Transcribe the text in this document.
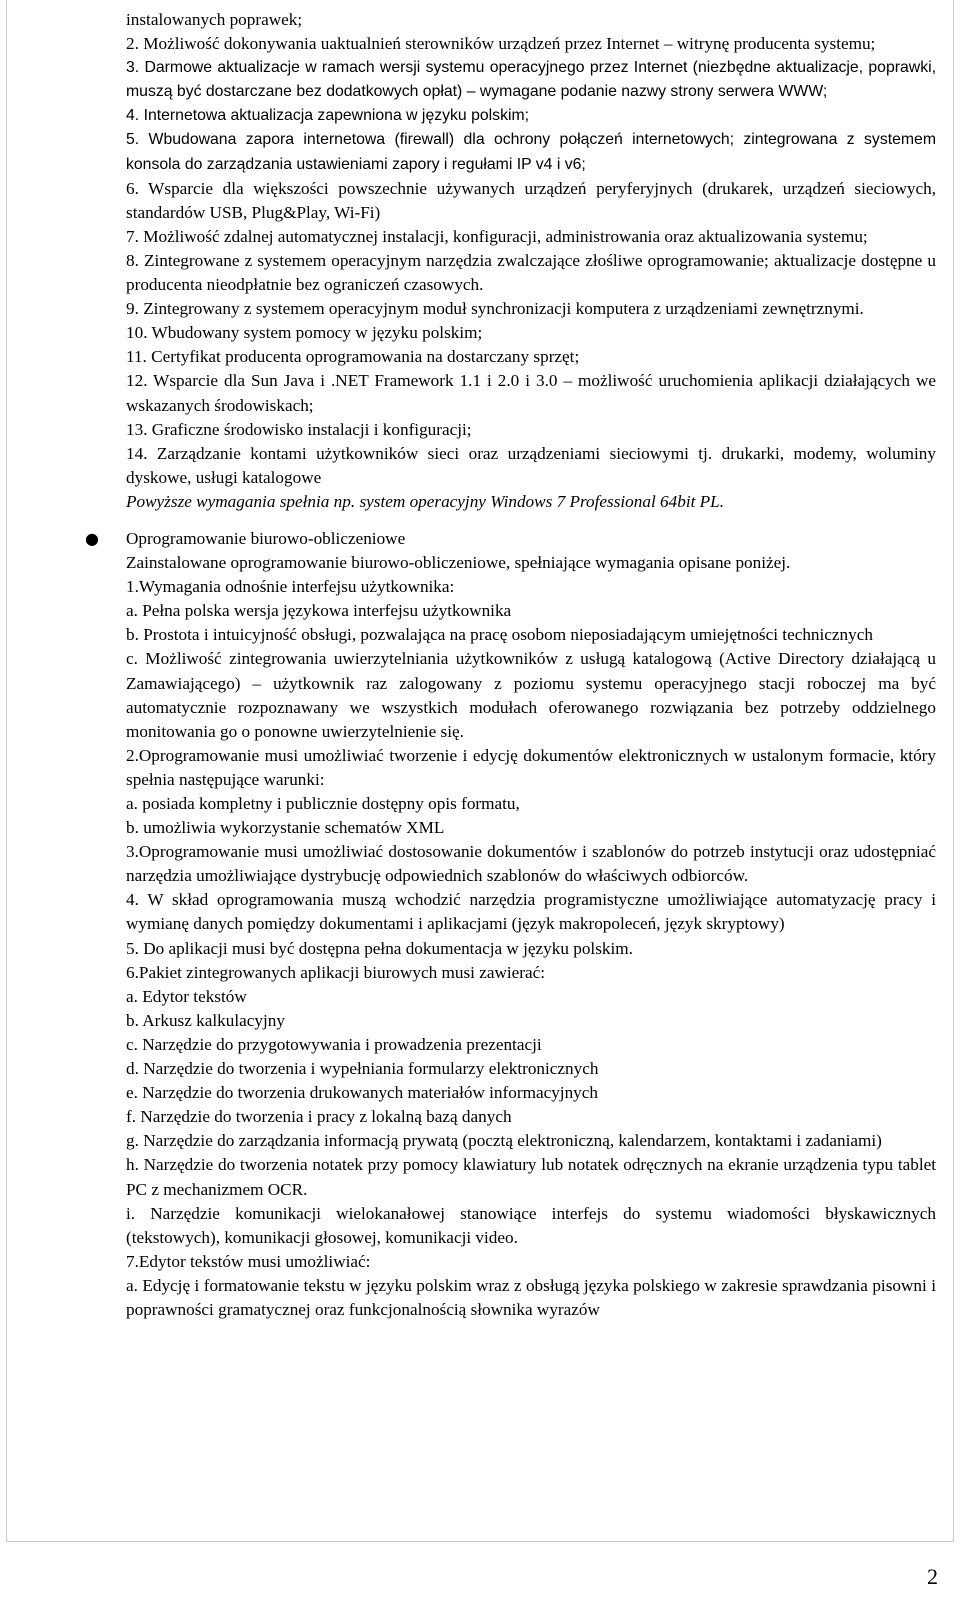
instalowanych poprawek;

2. Możliwość dokonywania uaktualnień sterowników urządzeń przez Internet – witrynę producenta systemu;

3. Darmowe aktualizacje w ramach wersji systemu operacyjnego przez Internet (niezbędne aktualizacje, poprawki, muszą być dostarczane bez dodatkowych opłat) – wymagane podanie nazwy strony serwera WWW;

4. Internetowa aktualizacja zapewniona w języku polskim;

5. Wbudowana zapora internetowa (firewall) dla ochrony połączeń internetowych; zintegrowana z systemem konsola do zarządzania ustawieniami zapory i regułami IP v4 i v6;

6. Wsparcie dla większości powszechnie używanych urządzeń peryferyjnych (drukarek, urządzeń sieciowych, standardów USB, Plug&Play, Wi-Fi)

7. Możliwość zdalnej automatycznej instalacji, konfiguracji, administrowania oraz aktualizowania systemu;

8. Zintegrowane z systemem operacyjnym narzędzia zwalczające złośliwe oprogramowanie; aktualizacje dostępne u producenta nieodpłatnie bez ograniczeń czasowych.

9. Zintegrowany z systemem operacyjnym moduł synchronizacji komputera z urządzeniami zewnętrznymi.

10. Wbudowany system pomocy w języku polskim;

11. Certyfikat producenta oprogramowania na dostarczany sprzęt;

12. Wsparcie dla Sun Java i .NET Framework 1.1 i 2.0 i 3.0 – możliwość uruchomienia aplikacji działających we wskazanych środowiskach;

13. Graficzne środowisko instalacji i konfiguracji;

14. Zarządzanie kontami użytkowników sieci oraz urządzeniami sieciowymi tj. drukarki, modemy, woluminy dyskowe, usługi katalogowe

Powyższe wymagania spełnia np. system operacyjny Windows 7 Professional 64bit PL.

● Oprogramowanie biurowo-obliczeniowe

Zainstalowane oprogramowanie biurowo-obliczeniowe, spełniające wymagania opisane poniżej.

1.Wymagania odnośnie interfejsu użytkownika:

a. Pełna polska wersja językowa interfejsu użytkownika

b. Prostota i intuicyjność obsługi, pozwalająca na pracę osobom nieposiadającym umiejętności technicznych

c. Możliwość zintegrowania uwierzytelniania użytkowników z usługą katalogową (Active Directory działającą u Zamawiającego) – użytkownik raz zalogowany z poziomu systemu operacyjnego stacji roboczej ma być automatycznie rozpoznawany we wszystkich modułach oferowanego rozwiązania bez potrzeby oddzielnego monitowania go o ponowne uwierzytelnienie się.

2.Oprogramowanie musi umożliwiać tworzenie i edycję dokumentów elektronicznych w ustalonym formacie, który spełnia następujące warunki:

a. posiada kompletny i publicznie dostępny opis formatu,

b. umożliwia wykorzystanie schematów XML

3.Oprogramowanie musi umożliwiać dostosowanie dokumentów i szablonów do potrzeb instytucji oraz udostępniać narzędzia umożliwiające dystrybucję odpowiednich szablonów do właściwych odbiorców.

4. W skład oprogramowania muszą wchodzić narzędzia programistyczne umożliwiające automatyzację pracy i wymianę danych pomiędzy dokumentami i aplikacjami (język makropoleceń, język skryptowy)

5. Do aplikacji musi być dostępna pełna dokumentacja w języku polskim.

6.Pakiet zintegrowanych aplikacji biurowych musi zawierać:

a. Edytor tekstów

b. Arkusz kalkulacyjny

c. Narzędzie do przygotowywania i prowadzenia prezentacji

d. Narzędzie do tworzenia i wypełniania formularzy elektronicznych

e. Narzędzie do tworzenia drukowanych materiałów informacyjnych

f. Narzędzie do tworzenia i pracy z lokalną bazą danych

g. Narzędzie do zarządzania informacją prywatą (pocztą elektroniczną, kalendarzem, kontaktami i zadaniami)

h. Narzędzie do tworzenia notatek przy pomocy klawiatury lub notatek odręcznych na ekranie urządzenia typu tablet PC z mechanizmem OCR.

i. Narzędzie komunikacji wielokanałowej stanowiące interfejs do systemu wiadomości błyskawicznych (tekstowych), komunikacji głosowej, komunikacji video.

7.Edytor tekstów musi umożliwiać:

a. Edycję i formatowanie tekstu w języku polskim wraz z obsługą języka polskiego w zakresie sprawdzania pisowni i poprawności gramatycznej oraz funkcjonalnością słownika wyrazów

2
